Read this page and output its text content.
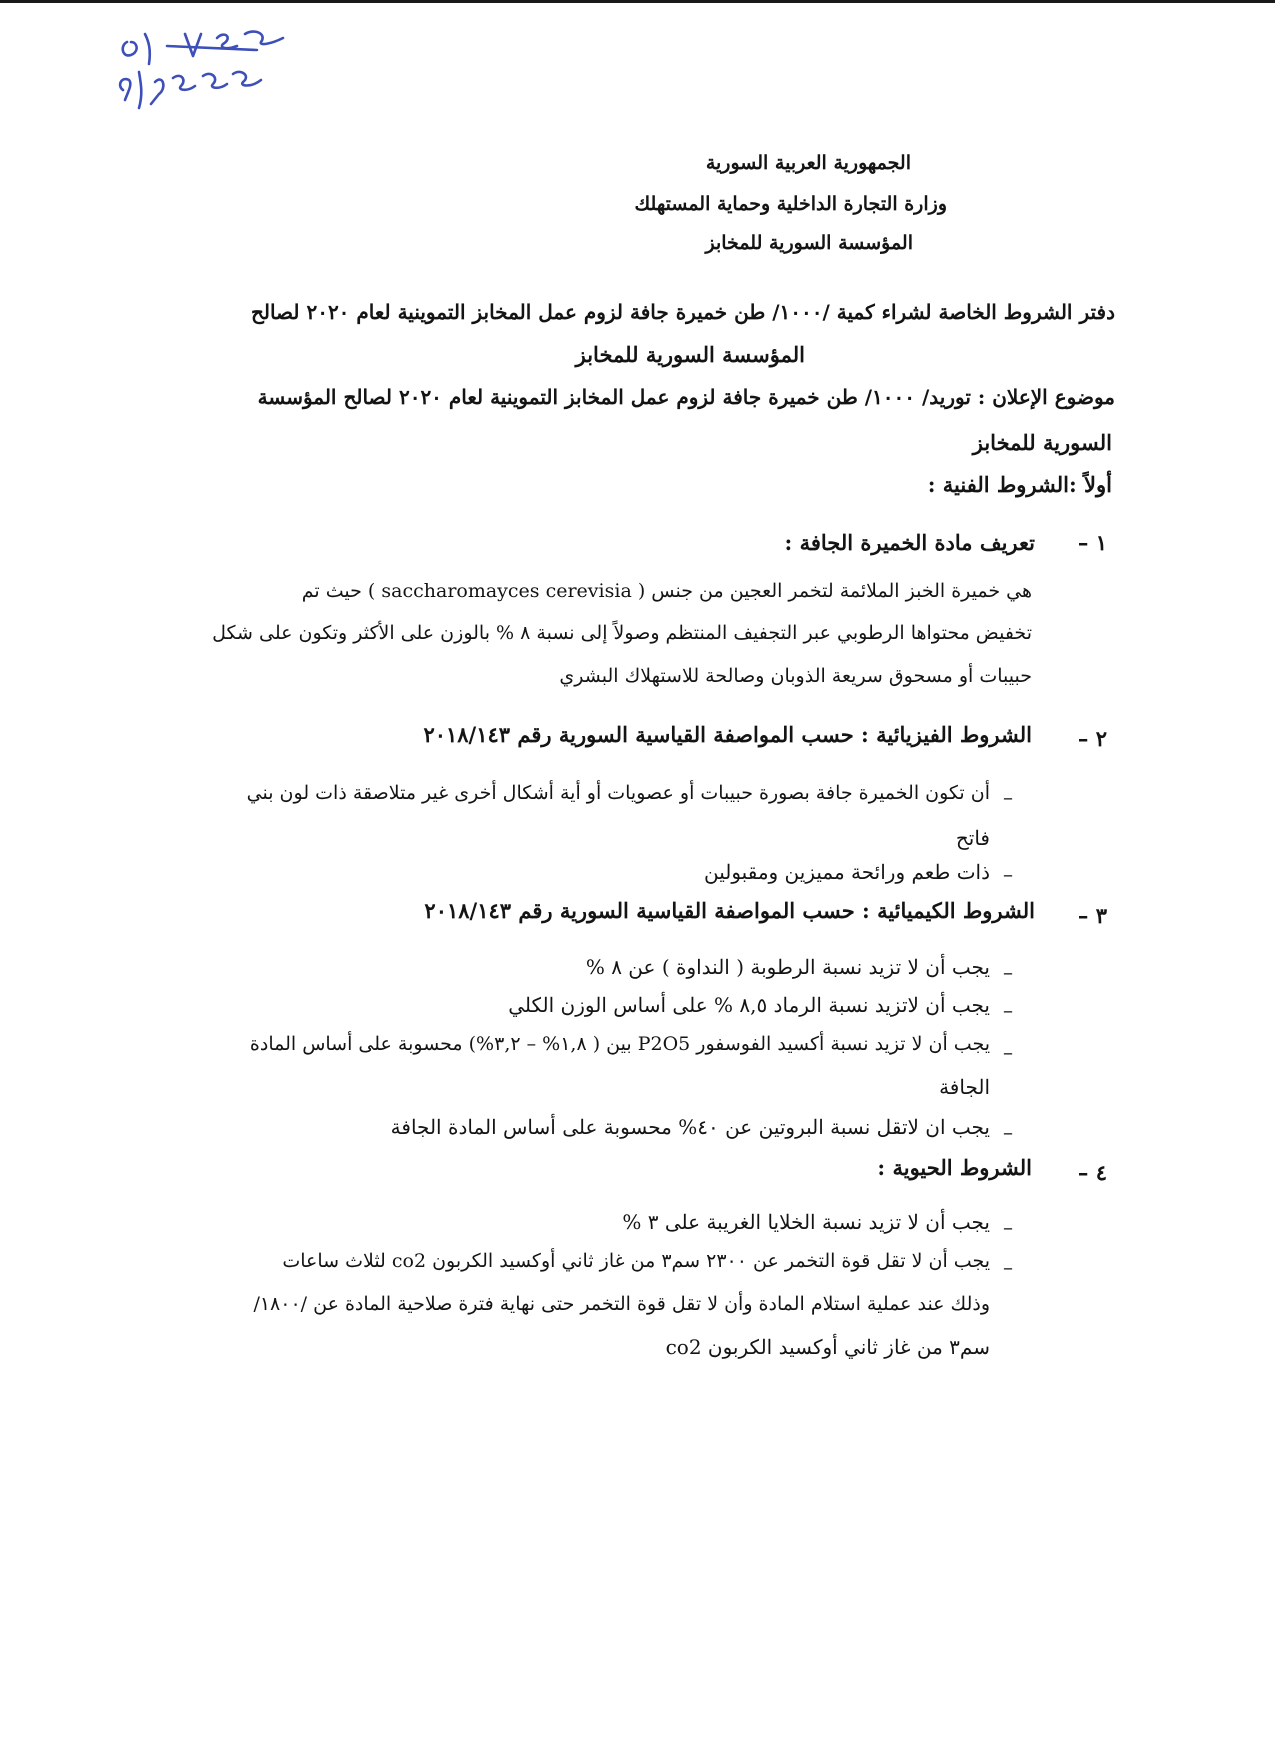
الجمهورية العربية السورية
وزارة التجارة الداخلية وحماية المستهلك
المؤسسة السورية للمخابز
دفتر الشروط الخاصة لشراء كمية /١٠٠٠/ طن خميرة جافة لزوم عمل المخابز التموينية لعام ٢٠٢٠ لصالح
المؤسسة السورية للمخابز
موضوع الإعلان : توريد/ ١٠٠٠/ طن خميرة جافة لزوم عمل المخابز التموينية لعام ٢٠٢٠ لصالح المؤسسة
السورية للمخابز
أولاً :الشروط الفنية :
١ –
تعريف مادة الخميرة الجافة :
هي خميرة الخبز الملائمة لتخمر العجين من جنس ( saccharomayces cerevisia ) حيث تم
تخفيض محتواها الرطوبي عبر التجفيف المنتظم وصولاً إلى نسبة ٨ % بالوزن على الأكثر وتكون على شكل
حبيبات أو مسحوق سريعة الذوبان وصالحة للاستهلاك البشري
٢ –
الشروط الفيزيائية : حسب المواصفة القياسية السورية رقم ٢٠١٨/١٤٣
–
أن تكون الخميرة جافة بصورة حبيبات أو عصويات أو أية أشكال أخرى غير متلاصقة ذات لون بني
فاتح
–
ذات طعم ورائحة مميزين ومقبولين
٣ –
الشروط الكيميائية : حسب المواصفة القياسية السورية رقم ٢٠١٨/١٤٣
–
يجب أن لا تزيد نسبة الرطوبة ( النداوة ) عن ٨ %
–
يجب أن لاتزيد نسبة الرماد ٨,٥ % على أساس الوزن الكلي
–
يجب أن لا تزيد نسبة أكسيد الفوسفور P2O5 بين ( ١,٨% – ٣,٢%) محسوبة على أساس المادة
الجافة
–
يجب ان لاتقل نسبة البروتين عن ٤٠% محسوبة على أساس المادة الجافة
٤ –
الشروط الحيوية :
–
يجب أن لا تزيد نسبة الخلايا الغريبة على ٣ %
–
يجب أن لا تقل قوة التخمر عن ٢٣٠٠ سم٣ من غاز ثاني أوكسيد الكربون co2 لثلاث ساعات
وذلك عند عملية استلام المادة وأن لا تقل قوة التخمر حتى نهاية فترة صلاحية المادة عن /١٨٠٠/
سم٣ من غاز ثاني أوكسيد الكربون co2
